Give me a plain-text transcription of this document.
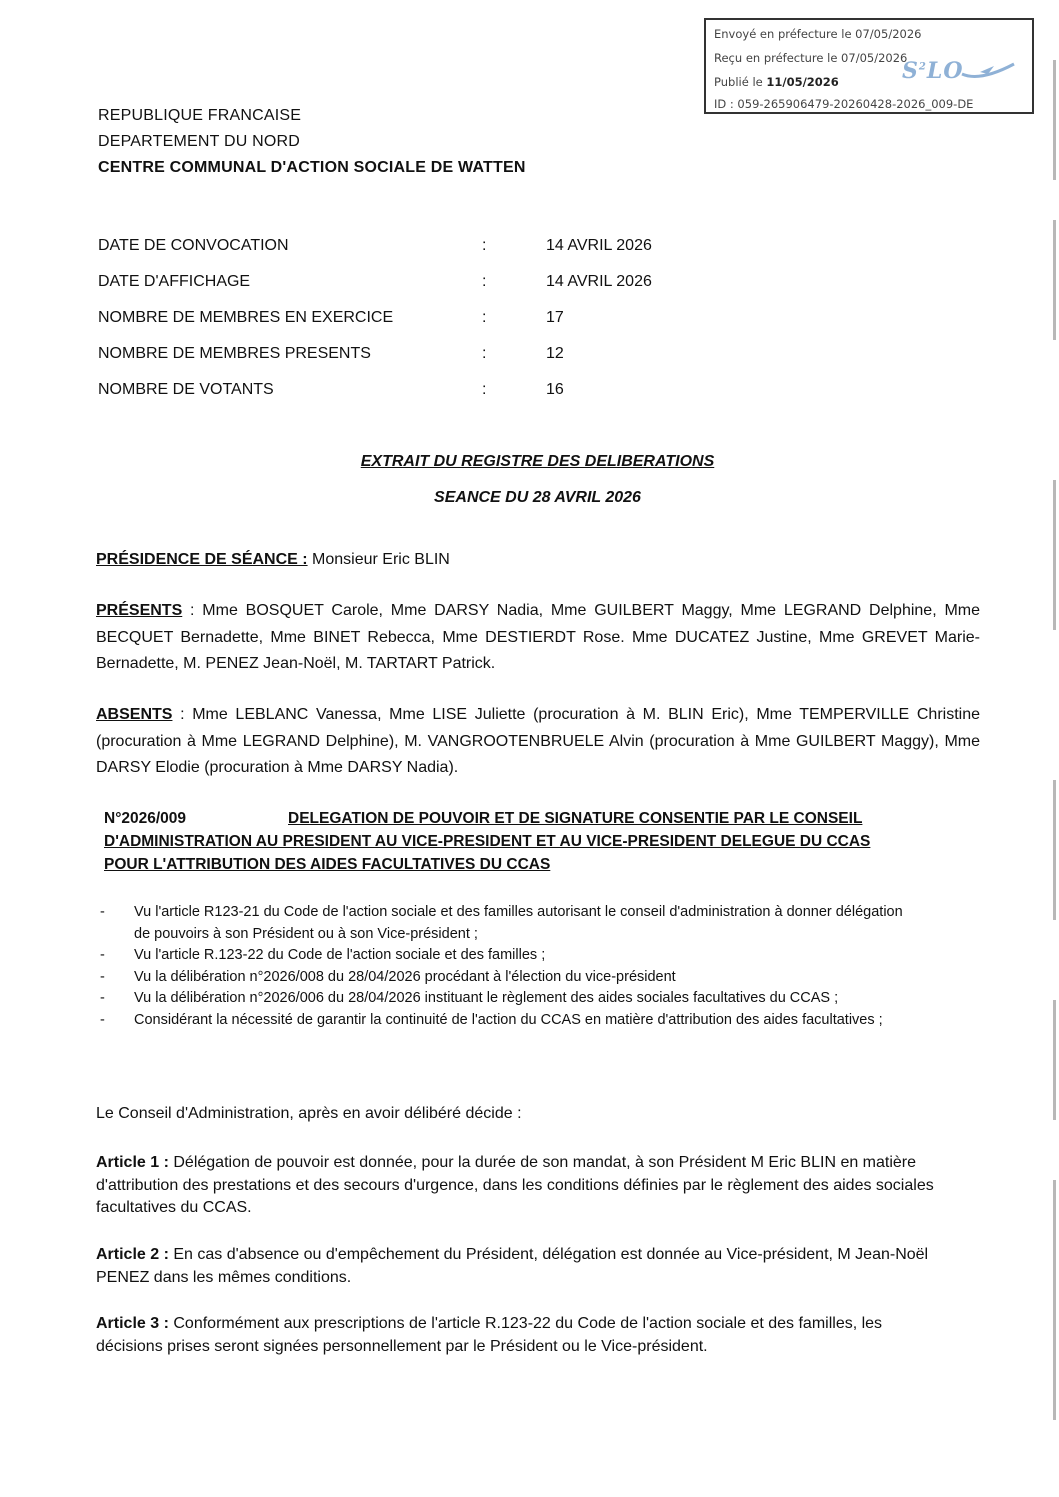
Envoyé en préfecture le 07/05/2026
Reçu en préfecture le 07/05/2026
Publié le 11/05/2026
ID : 059-265906479-20260428-2026_009-DE
$S^2LO$
REPUBLIQUE FRANCAISE
DEPARTEMENT DU NORD
CENTRE COMMUNAL D'ACTION SOCIALE DE WATTEN
DATE DE CONVOCATION	:	14 AVRIL 2026
DATE D'AFFICHAGE	:	14 AVRIL 2026
NOMBRE DE MEMBRES EN EXERCICE	:	17
NOMBRE DE MEMBRES PRESENTS	:	12
NOMBRE DE VOTANTS	:	16
EXTRAIT DU REGISTRE DES DELIBERATIONS
SEANCE DU 28 AVRIL 2026
PRÉSIDENCE DE SÉANCE : Monsieur Eric BLIN
PRÉSENTS : Mme BOSQUET Carole, Mme DARSY Nadia, Mme GUILBERT Maggy, Mme LEGRAND Delphine, Mme BECQUET Bernadette, Mme BINET Rebecca, Mme DESTIERDT Rose. Mme DUCATEZ Justine, Mme GREVET Marie-Bernadette, M. PENEZ Jean-Noël, M. TARTART Patrick.
ABSENTS : Mme LEBLANC Vanessa, Mme LISE Juliette (procuration à M. BLIN Eric), Mme TEMPERVILLE Christine (procuration à Mme LEGRAND Delphine), M. VANGROOTENBRUELE Alvin (procuration à Mme GUILBERT Maggy), Mme DARSY Elodie (procuration à Mme DARSY Nadia).
N°2026/009	DELEGATION DE POUVOIR ET DE SIGNATURE CONSENTIE PAR LE CONSEIL D'ADMINISTRATION AU PRESIDENT AU VICE-PRESIDENT ET AU VICE-PRESIDENT DELEGUE DU CCAS POUR L'ATTRIBUTION DES AIDES FACULTATIVES DU CCAS
- Vu l'article R123-21 du Code de l'action sociale et des familles autorisant le conseil d'administration à donner délégation de pouvoirs à son Président ou à son Vice-président ;
- Vu l'article R.123-22 du Code de l'action sociale et des familles ;
- Vu la délibération n°2026/008 du 28/04/2026 procédant à l'élection du vice-président
- Vu la délibération n°2026/006 du 28/04/2026 instituant le règlement des aides sociales facultatives du CCAS ;
- Considérant la nécessité de garantir la continuité de l'action du CCAS en matière d'attribution des aides facultatives ;
Le Conseil d'Administration, après en avoir délibéré décide :
Article 1 : Délégation de pouvoir est donnée, pour la durée de son mandat, à son Président M Eric BLIN en matière d'attribution des prestations et des secours d'urgence, dans les conditions définies par le règlement des aides sociales facultatives du CCAS.
Article 2 : En cas d'absence ou d'empêchement du Président, délégation est donnée au Vice-président, M Jean-Noël PENEZ dans les mêmes conditions.
Article 3 : Conformément aux prescriptions de l'article R.123-22 du Code de l'action sociale et des familles, les décisions prises seront signées personnellement par le Président ou le Vice-président.
